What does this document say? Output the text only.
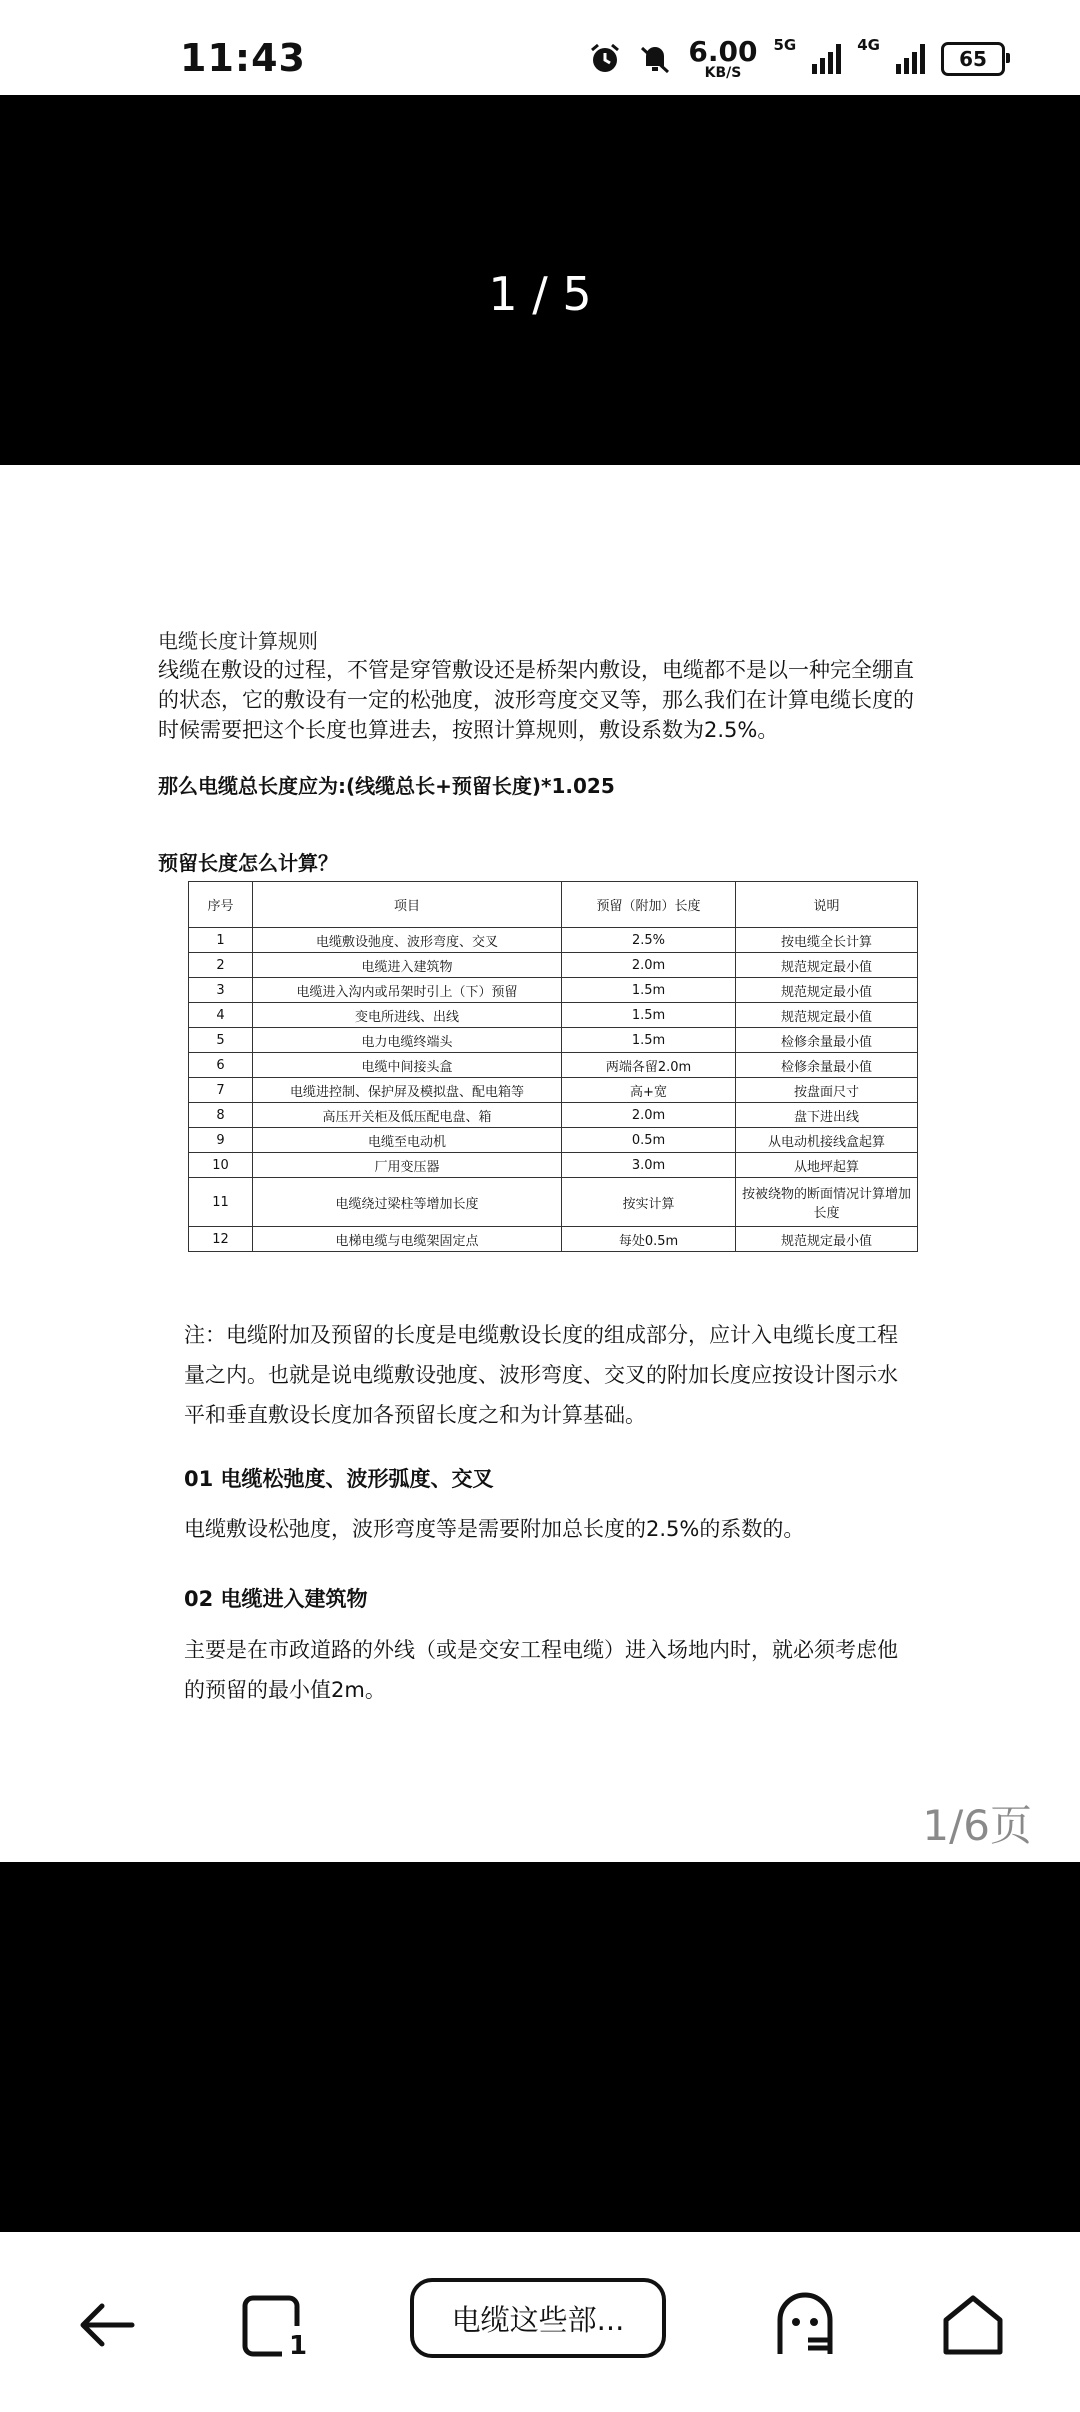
11:43	6.00
KB/S
5G	4G
65
1 / 5
电缆长度计算规则
线缆在敷设的过程，不管是穿管敷设还是桥架内敷设，电缆都不是以一种完全绷直的状态，它的敷设有一定的松弛度，波形弯度交叉等，那么我们在计算电缆长度的时候需要把这个长度也算进去，按照计算规则，敷设系数为2.5%。
那么电缆总长度应为:(线缆总长+预留长度)*1.025
预留长度怎么计算？
序号	项目	预留（附加）长度	说明
1	电缆敷设弛度、波形弯度、交叉	2.5%	按电缆全长计算
2	电缆进入建筑物	2.0m	规范规定最小值
3	电缆进入沟内或吊架时引上（下）预留	1.5m	规范规定最小值
4	变电所进线、出线	1.5m	规范规定最小值
5	电力电缆终端头	1.5m	检修余量最小值
6	电缆中间接头盒	两端各留2.0m	检修余量最小值
7	电缆进控制、保护屏及模拟盘、配电箱等	高+宽	按盘面尺寸
8	高压开关柜及低压配电盘、箱	2.0m	盘下进出线
9	电缆至电动机	0.5m	从电动机接线盒起算
10	厂用变压器	3.0m	从地坪起算
11	电缆绕过梁柱等增加长度	按实计算	按被绕物的断面情况计算增加长度
12	电梯电缆与电缆架固定点	每处0.5m	规范规定最小值
注：电缆附加及预留的长度是电缆敷设长度的组成部分，应计入电缆长度工程量之内。也就是说电缆敷设弛度、波形弯度、交叉的附加长度应按设计图示水平和垂直敷设长度加各预留长度之和为计算基础。
01 电缆松弛度、波形弧度、交叉
电缆敷设松弛度，波形弯度等是需要附加总长度的2.5%的系数的。
02 电缆进入建筑物
主要是在市政道路的外线（或是交安工程电缆）进入场地内时，就必须考虑他的预留的最小值2m。
1/6页
1
电缆这些部...
